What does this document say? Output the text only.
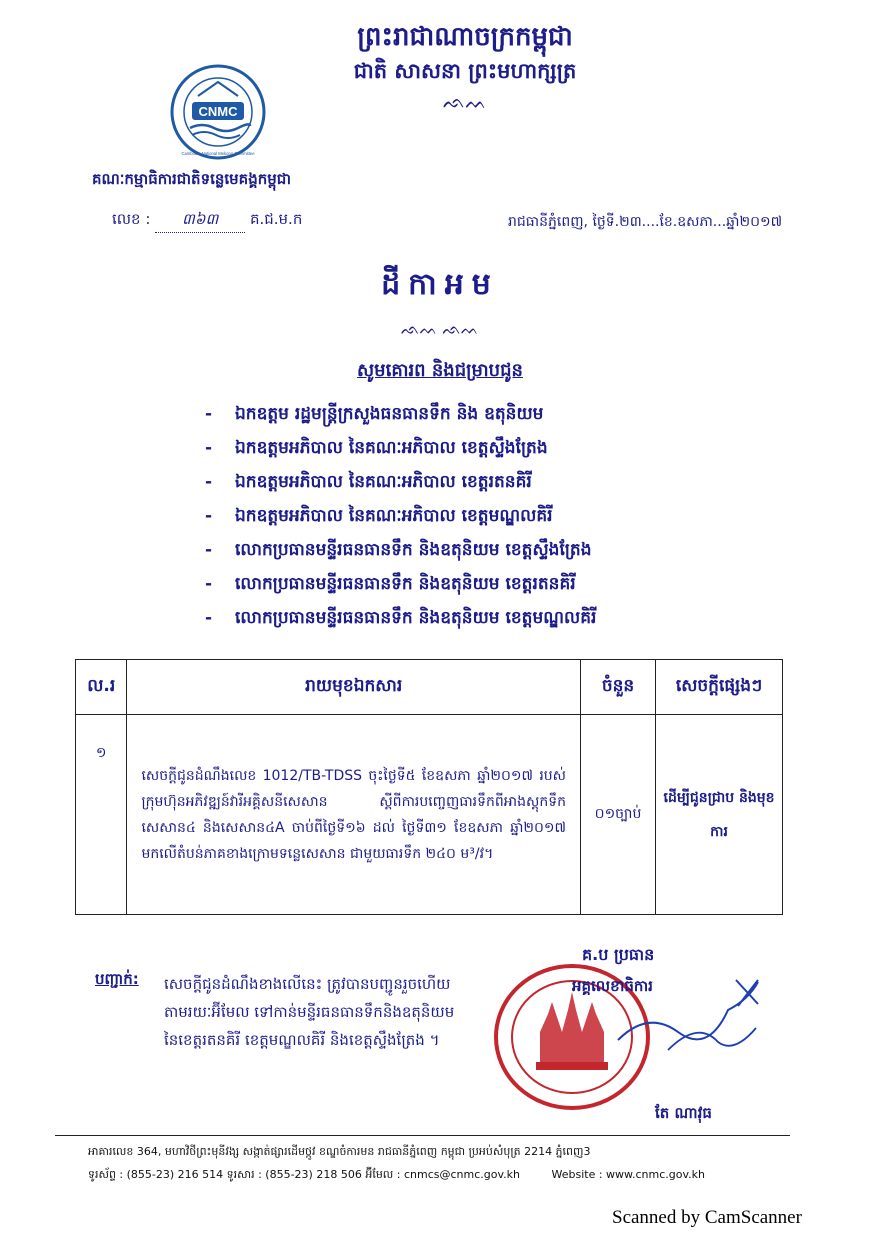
ព្រះរាជាណាចក្រកម្ពុជា
ជាតិ សាសនា ព្រះមហាក្សត្រ
ᨒᨓ
CNMC
Cambodia National Mekong Committee
គណៈកម្មាធិការជាតិទន្លេមេគង្គកម្ពុជា
លេខ : ៣៦៣ គ.ជ.ម.ក	រាជធានីភ្នំពេញ, ថ្ងៃទី.២៣....ខែ.ឧសភា...ឆ្នាំ២០១៧
ដីកាអម
ᨒᨓ ᨒᨓ
សូមគោរព និងជម្រាបជូន
- ឯកឧត្ដម រដ្ឋមន្ត្រីក្រសួងធនធានទឹក និង ឧតុនិយម
- ឯកឧត្ដមអភិបាល នៃគណៈអភិបាល ខេត្តស្ទឹងត្រែង
- ឯកឧត្ដមអភិបាល នៃគណៈអភិបាល ខេត្តរតនគិរី
- ឯកឧត្ដមអភិបាល នៃគណៈអភិបាល ខេត្តមណ្ឌលគិរី
- លោកប្រធានមន្ទីរធនធានទឹក និងឧតុនិយម ខេត្តស្ទឹងត្រែង
- លោកប្រធានមន្ទីរធនធានទឹក និងឧតុនិយម ខេត្តរតនគិរី
- លោកប្រធានមន្ទីរធនធានទឹក និងឧតុនិយម ខេត្តមណ្ឌលគិរី
ល.រ	រាយមុខឯកសារ	ចំនួន	សេចក្ដីផ្សេងៗ
១	សេចក្ដីជូនដំណឹងលេខ 1012/TB-TDSS ចុះថ្ងៃទី៥ ខែឧសភា ឆ្នាំ២០១៧ របស់ក្រុមហ៊ុនអភិវឌ្ឍន៍វារីអគ្គិសនីសេសាន ស្ដីពីការបញ្ចេញធារទឹកពីអាងស្ដុកទឹកសេសាន៤ និងសេសាន៤A ចាប់ពីថ្ងៃទី១៦ ដល់ ថ្ងៃទី៣១ ខែឧសភា ឆ្នាំ២០១៧ មកលើតំបន់ភាគខាងក្រោមទន្លេសេសាន ជាមួយធារទឹក ២៤០ ម³/វ។	០១ច្បាប់	ដើម្បីជូនជ្រាប និងមុខការ
បញ្ជាក់: សេចក្ដីជូនដំណឹងខាងលើនេះ ត្រូវបានបញ្ជូនរួចហើយ តាមរយៈអ៊ីមែល ទៅកាន់មន្ទីរធនធានទឹកនិងឧតុនិយម នៃខេត្តរតនគិរី ខេត្តមណ្ឌលគិរី និងខេត្តស្ទឹងត្រែង ។
គ.ប ប្រធាន
អគ្គលេខាធិការ
តែ ណាវុធ
អាគារលេខ 364, មហាវិថីព្រះមុនីវង្ស សង្កាត់ផ្សារដើមថ្កូវ ខណ្ឌចំការមន រាជធានីភ្នំពេញ កម្ពុជា ប្រអប់សំបុត្រ 2214 ភ្នំពេញ3
ទូរស័ព្ទ : (855-23) 216 514 ទូរសារ : (855-23) 218 506 អ៊ីមែល : cnmcs@cnmc.gov.kh	Website : www.cnmc.gov.kh
Scanned by CamScanner
